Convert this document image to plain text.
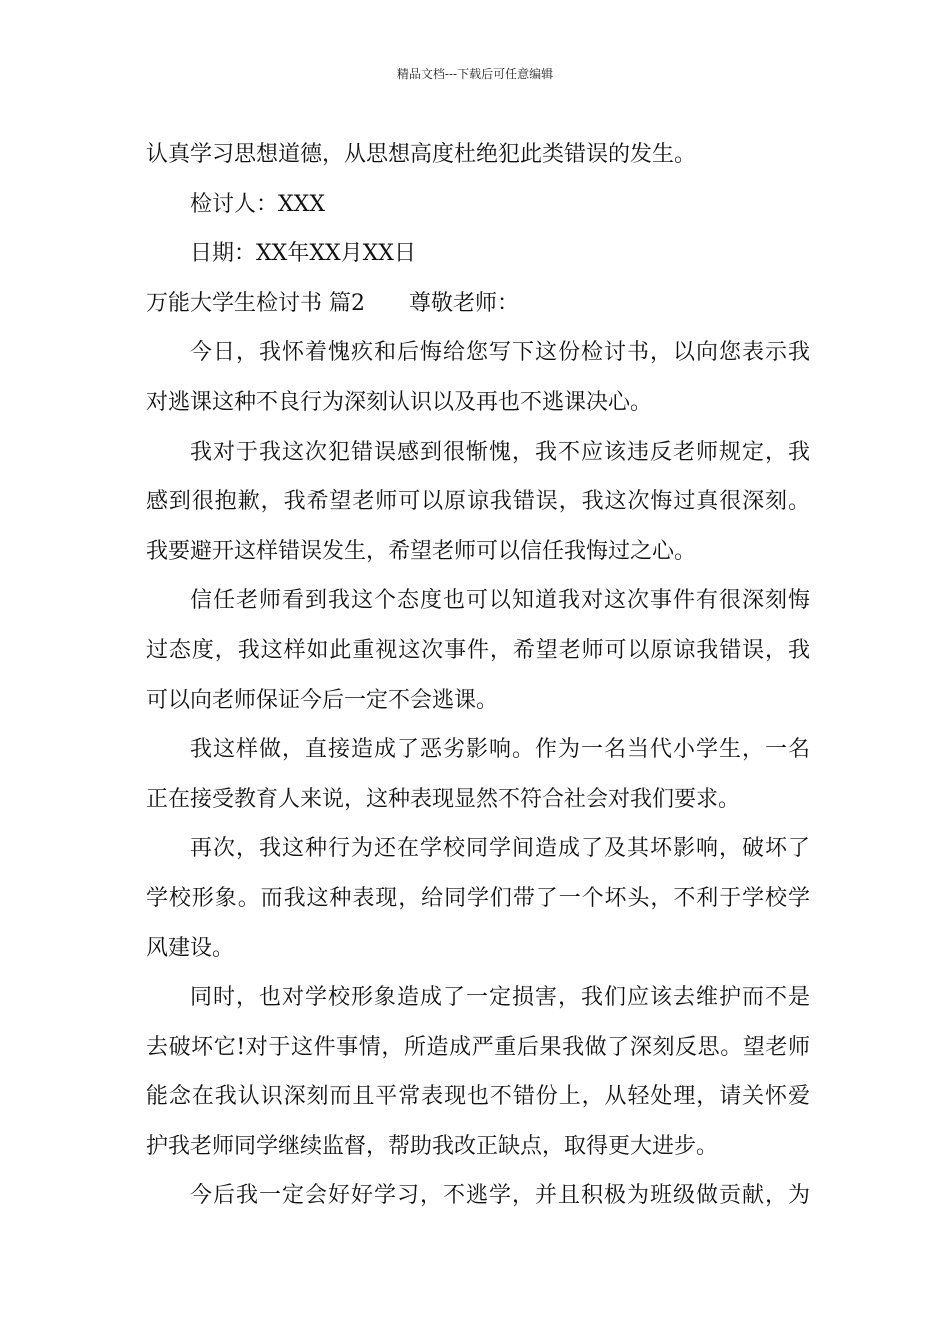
精品文档---下载后可任意编辑
认真学习思想道德，从思想高度杜绝犯此类错误的发生。
检讨人：XXX
日期：XX年XX月XX日
万能大学生检讨书 篇2 尊敬老师：
今日，我怀着愧疚和后悔给您写下这份检讨书，以向您表示我
对逃课这种不良行为深刻认识以及再也不逃课决心。
我对于我这次犯错误感到很惭愧，我不应该违反老师规定，我
感到很抱歉，我希望老师可以原谅我错误，我这次悔过真很深刻。
我要避开这样错误发生，希望老师可以信任我悔过之心。
信任老师看到我这个态度也可以知道我对这次事件有很深刻悔
过态度，我这样如此重视这次事件，希望老师可以原谅我错误，我
可以向老师保证今后一定不会逃课。
我这样做，直接造成了恶劣影响。作为一名当代小学生，一名
正在接受教育人来说，这种表现显然不符合社会对我们要求。
再次，我这种行为还在学校同学间造成了及其坏影响，破坏了
学校形象。而我这种表现，给同学们带了一个坏头，不利于学校学
风建设。
同时，也对学校形象造成了一定损害，我们应该去维护而不是
去破坏它!对于这件事情，所造成严重后果我做了深刻反思。望老师
能念在我认识深刻而且平常表现也不错份上，从轻处理，请关怀爱
护我老师同学继续监督，帮助我改正缺点，取得更大进步。
今后我一定会好好学习，不逃学，并且积极为班级做贡献，为
